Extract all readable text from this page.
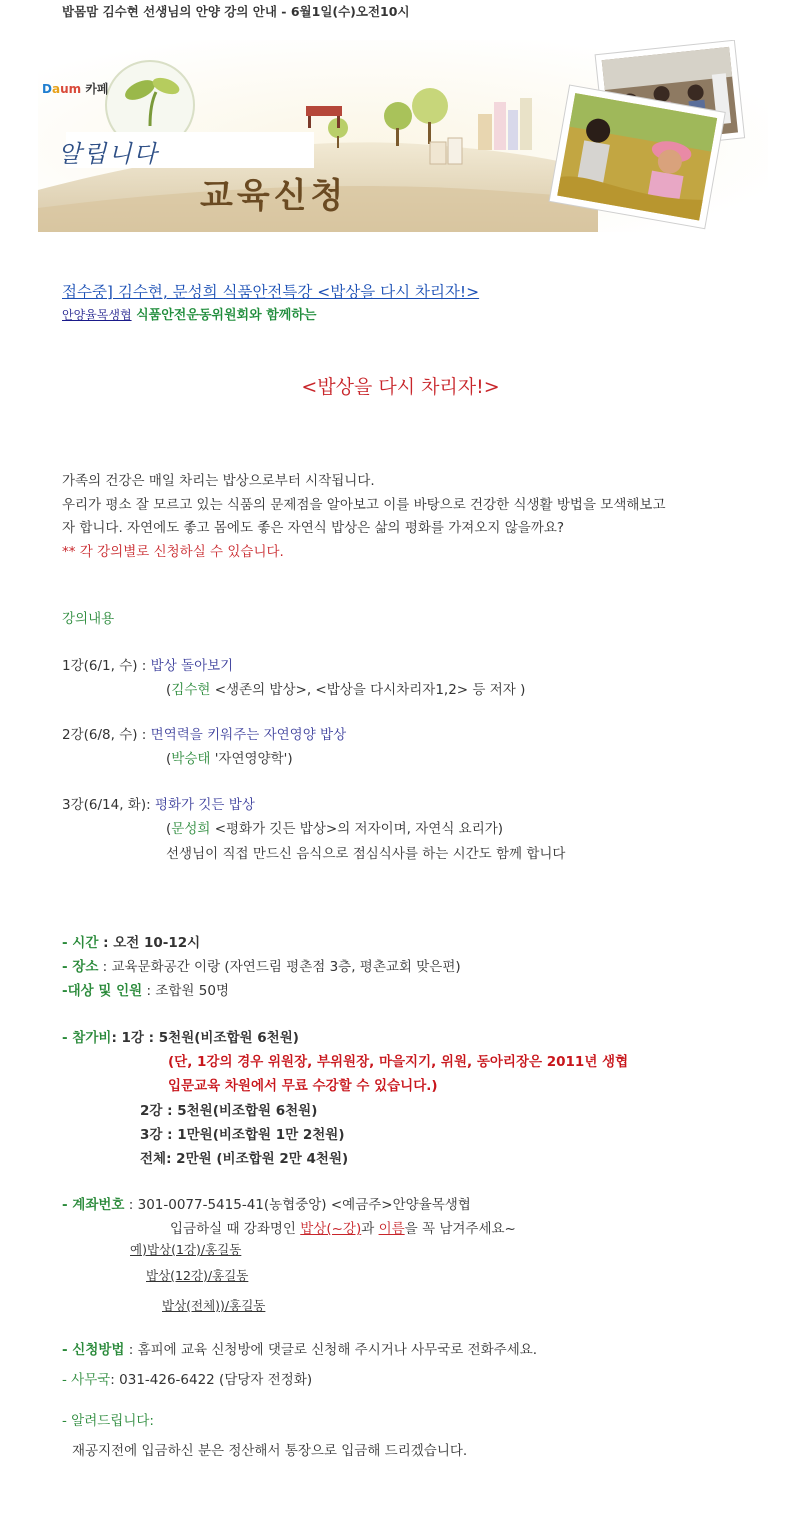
밥몸맘 김수현 선생님의 안양 강의 안내 - 6월1일(수)오전10시
Daum 카페
알립니다
교육신청
접수중] 김수현, 문성희 식품안전특강 <밥상을 다시 차리자!>
안양율목생협 식품안전운동위원회와 함께하는
<밥상을 다시 차리자!>
가족의 건강은 매일 차리는 밥상으로부터 시작됩니다.
우리가 평소 잘 모르고 있는 식품의 문제점을 알아보고 이를 바탕으로 건강한 식생활 방법을 모색해보고
자 합니다. 자연에도 좋고 몸에도 좋은 자연식 밥상은 삶의 평화를 가져오지 않을까요?
** 각 강의별로 신청하실 수 있습니다.
강의내용
1강(6/1, 수) : 밥상 돌아보기
(김수현 <생존의 밥상>, <밥상을 다시차리자1,2> 등 저자 )
2강(6/8, 수) : 면역력을 키워주는 자연영양 밥상
(박승태 '자연영양학')
3강(6/14, 화): 평화가 깃든 밥상
(문성희 <평화가 깃든 밥상>의 저자이며, 자연식 요리가)
선생님이 직접 만드신 음식으로 점심식사를 하는 시간도 함께 합니다
- 시간 : 오전 10-12시
- 장소 : 교육문화공간 이랑 (자연드림 평촌점 3층, 평촌교회 맞은편)
-대상 및 인원 : 조합원 50명
- 참가비: 1강 : 5천원(비조합원 6천원)
(단, 1강의 경우 위원장, 부위원장, 마을지기, 위원, 동아리장은 2011년 생협
입문교육 차원에서 무료 수강할 수 있습니다.)
2강 : 5천원(비조합원 6천원)
3강 : 1만원(비조합원 1만 2천원)
전체: 2만원 (비조합원 2만 4천원)
- 계좌번호 : 301-0077-5415-41(농협중앙) <예금주>안양율목생협
입금하실 때 강좌명인 밥상(~강)과 이름을 꼭 남겨주세요~
예)밥상(1강)/홍길동
밥상(12강)/홍길동
밥상(전체))/홍길동
- 신청방법 : 홈피에 교육 신청방에 댓글로 신청해 주시거나 사무국로 전화주세요.
- 사무국: 031-426-6422 (담당자 전정화)
- 알려드립니다:
재공지전에 입금하신 분은 정산해서 통장으로 입금해 드리겠습니다.
